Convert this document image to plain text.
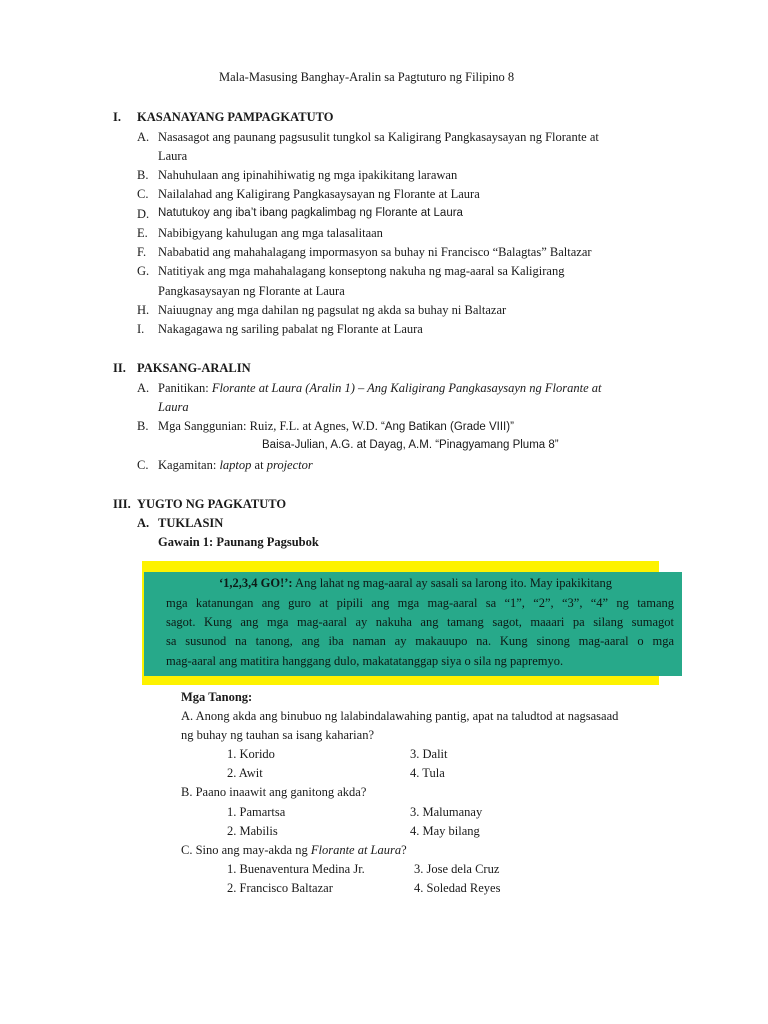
Mala-Masusing Banghay-Aralin sa Pagtuturo ng Filipino 8
I. KASANAYANG PAMPAGKATUTO
A. Nasasagot ang paunang pagsusulit tungkol sa Kaligirang Pangkasaysayan ng Florante at
Laura
B. Nahuhulaan ang ipinahihiwatig ng mga ipakikitang larawan
C. Nailalahad ang Kaligirang Pangkasaysayan ng Florante at Laura
D. Natutukoy ang iba’t ibang pagkalimbag ng Florante at Laura
E. Nabibigyang kahulugan ang mga talasalitaan
F. Nababatid ang mahahalagang impormasyon sa buhay ni Francisco “Balagtas” Baltazar
G. Natitiyak ang mga mahahalagang konseptong nakuha ng mag-aaral sa Kaligirang
Pangkasaysayan ng Florante at Laura
H. Naiuugnay ang mga dahilan ng pagsulat ng akda sa buhay ni Baltazar
I. Nakagagawa ng sariling pabalat ng Florante at Laura
II. PAKSANG-ARALIN
A. Panitikan: Florante at Laura (Aralin 1) – Ang Kaligirang Pangkasaysayn ng Florante at
Laura
B. Mga Sanggunian: Ruiz, F.L. at Agnes, W.D. “Ang Batikan (Grade VIII)”
Baisa-Julian, A.G. at Dayag, A.M. “Pinagyamang Pluma 8”
C. Kagamitan: laptop at projector
III. YUGTO NG PAGKATUTO
A. TUKLASIN
Gawain 1: Paunang Pagsubok
‘1,2,3,4 GO!’: Ang lahat ng mag-aaral ay sasali sa larong ito. May ipakikitang
mga katanungan ang guro at pipili ang mga mag-aaral sa “1”, “2”, “3”, “4” ng tamang
sagot. Kung ang mga mag-aaral ay nakuha ang tamang sagot, maaari pa silang sumagot
sa susunod na tanong, ang iba naman ay makauupo na. Kung sinong mag-aaral o mga
mag-aaral ang matitira hanggang dulo, makatatanggap siya o sila ng papremyo.
Mga Tanong:
A. Anong akda ang binubuo ng lalabindalawahing pantig, apat na taludtod at nagsasaad
ng buhay ng tauhan sa isang kaharian?
1. Korido	3. Dalit
2. Awit	4. Tula
B. Paano inaawit ang ganitong akda?
1. Pamartsa	3. Malumanay
2. Mabilis	4. May bilang
C. Sino ang may-akda ng Florante at Laura?
1. Buenaventura Medina Jr.	3. Jose dela Cruz
2. Francisco Baltazar	4. Soledad Reyes
